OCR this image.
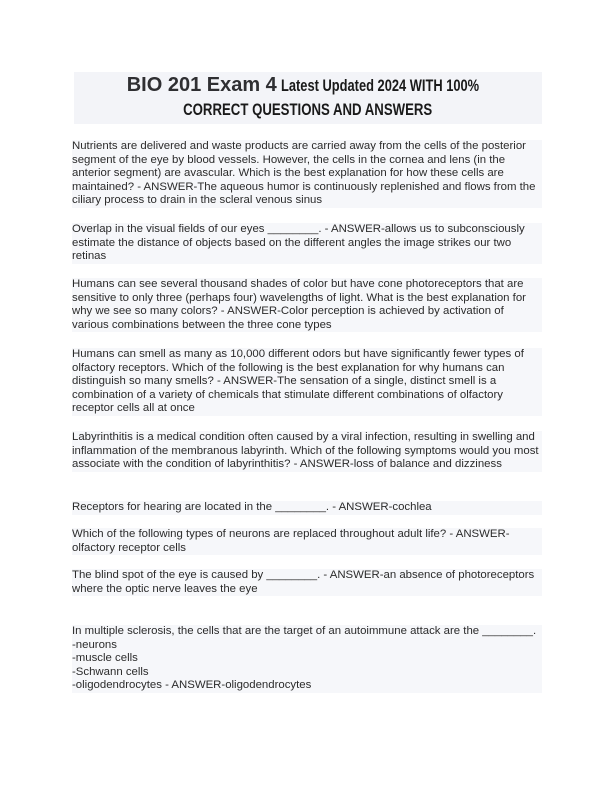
BIO 201 Exam 4 Latest Updated 2024 WITH 100%
CORRECT QUESTIONS AND ANSWERS

Nutrients are delivered and waste products are carried away from the cells of the posterior segment of the eye by blood vessels. However, the cells in the cornea and lens (in the anterior segment) are avascular. Which is the best explanation for how these cells are maintained? - ANSWER-The aqueous humor is continuously replenished and flows from the ciliary process to drain in the scleral venous sinus

Overlap in the visual fields of our eyes ________. - ANSWER-allows us to subconsciously estimate the distance of objects based on the different angles the image strikes our two retinas

Humans can see several thousand shades of color but have cone photoreceptors that are sensitive to only three (perhaps four) wavelengths of light. What is the best explanation for why we see so many colors? - ANSWER-Color perception is achieved by activation of various combinations between the three cone types

Humans can smell as many as 10,000 different odors but have significantly fewer types of olfactory receptors. Which of the following is the best explanation for why humans can distinguish so many smells? - ANSWER-The sensation of a single, distinct smell is a combination of a variety of chemicals that stimulate different combinations of olfactory receptor cells all at once

Labyrinthitis is a medical condition often caused by a viral infection, resulting in swelling and inflammation of the membranous labyrinth. Which of the following symptoms would you most associate with the condition of labyrinthitis? - ANSWER-loss of balance and dizziness

Receptors for hearing are located in the ________. - ANSWER-cochlea

Which of the following types of neurons are replaced throughout adult life? - ANSWER-olfactory receptor cells

The blind spot of the eye is caused by ________. - ANSWER-an absence of photoreceptors where the optic nerve leaves the eye

In multiple sclerosis, the cells that are the target of an autoimmune attack are the ________.
-neurons
-muscle cells
-Schwann cells
-oligodendrocytes - ANSWER-oligodendrocytes
